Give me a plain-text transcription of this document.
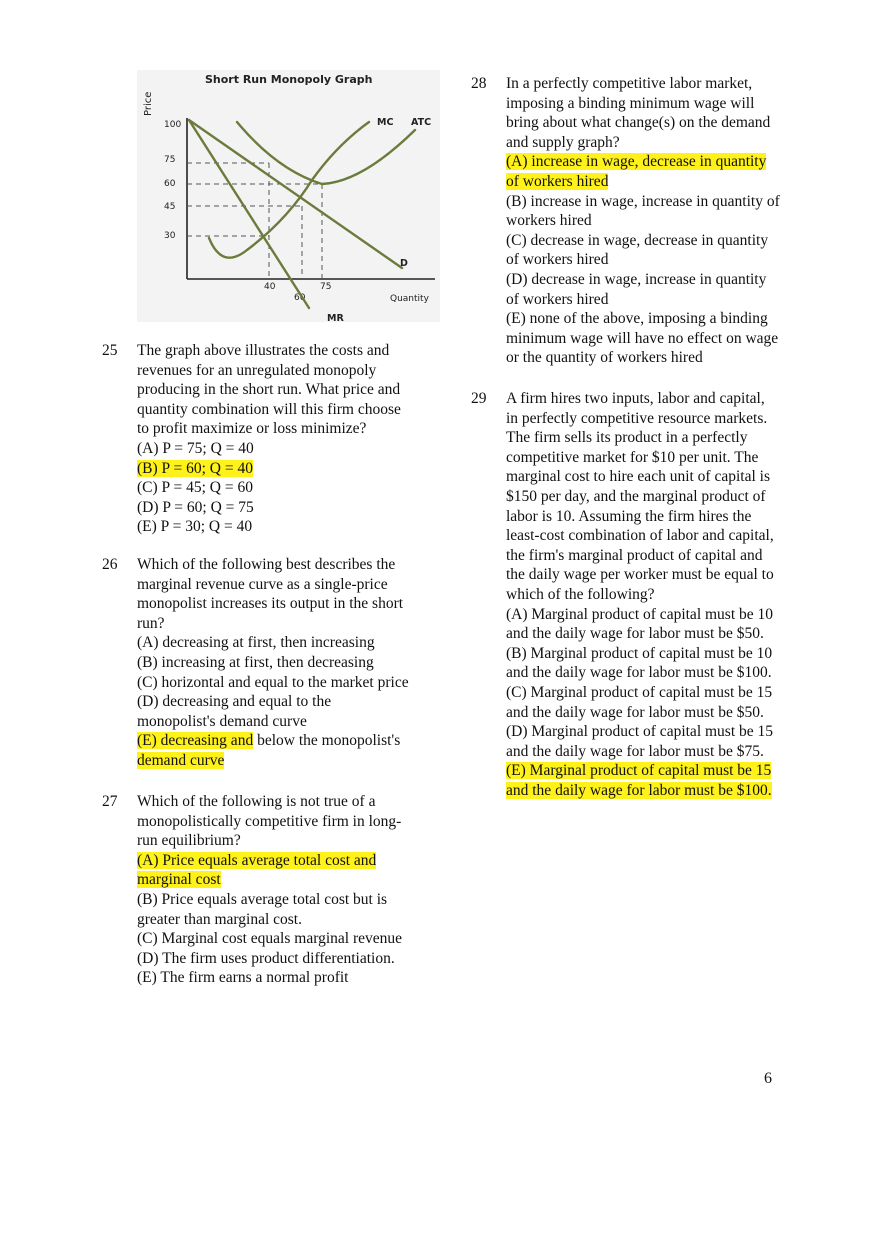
Short Run Monopoly Graph
Price
Quantity
100
75
60
45
30
40
60
75
MC ATC
D
MR
25 The graph above illustrates the costs and
revenues for an unregulated monopoly
producing in the short run. What price and
quantity combination will this firm choose
to profit maximize or loss minimize?
(A) P = 75; Q = 40
(B) P = 60; Q = 40
(C) P = 45; Q = 60
(D) P = 60; Q = 75
(E) P = 30; Q = 40
26 Which of the following best describes the
marginal revenue curve as a single-price
monopolist increases its output in the short
run?
(A) decreasing at first, then increasing
(B) increasing at first, then decreasing
(C) horizontal and equal to the market price
(D) decreasing and equal to the
monopolist's demand curve
(E) decreasing and below the monopolist's
demand curve
27 Which of the following is not true of a
monopolistically competitive firm in long-
run equilibrium?
(A) Price equals average total cost and
marginal cost
(B) Price equals average total cost but is
greater than marginal cost.
(C) Marginal cost equals marginal revenue
(D) The firm uses product differentiation.
(E) The firm earns a normal profit
28 In a perfectly competitive labor market,
imposing a binding minimum wage will
bring about what change(s) on the demand
and supply graph?
(A) increase in wage, decrease in quantity
of workers hired
(B) increase in wage, increase in quantity of
workers hired
(C) decrease in wage, decrease in quantity
of workers hired
(D) decrease in wage, increase in quantity
of workers hired
(E) none of the above, imposing a binding
minimum wage will have no effect on wage
or the quantity of workers hired
29 A firm hires two inputs, labor and capital,
in perfectly competitive resource markets.
The firm sells its product in a perfectly
competitive market for $10 per unit. The
marginal cost to hire each unit of capital is
$150 per day, and the marginal product of
labor is 10. Assuming the firm hires the
least-cost combination of labor and capital,
the firm's marginal product of capital and
the daily wage per worker must be equal to
which of the following?
(A) Marginal product of capital must be 10
and the daily wage for labor must be $50.
(B) Marginal product of capital must be 10
and the daily wage for labor must be $100.
(C) Marginal product of capital must be 15
and the daily wage for labor must be $50.
(D) Marginal product of capital must be 15
and the daily wage for labor must be $75.
(E) Marginal product of capital must be 15
and the daily wage for labor must be $100.
6
